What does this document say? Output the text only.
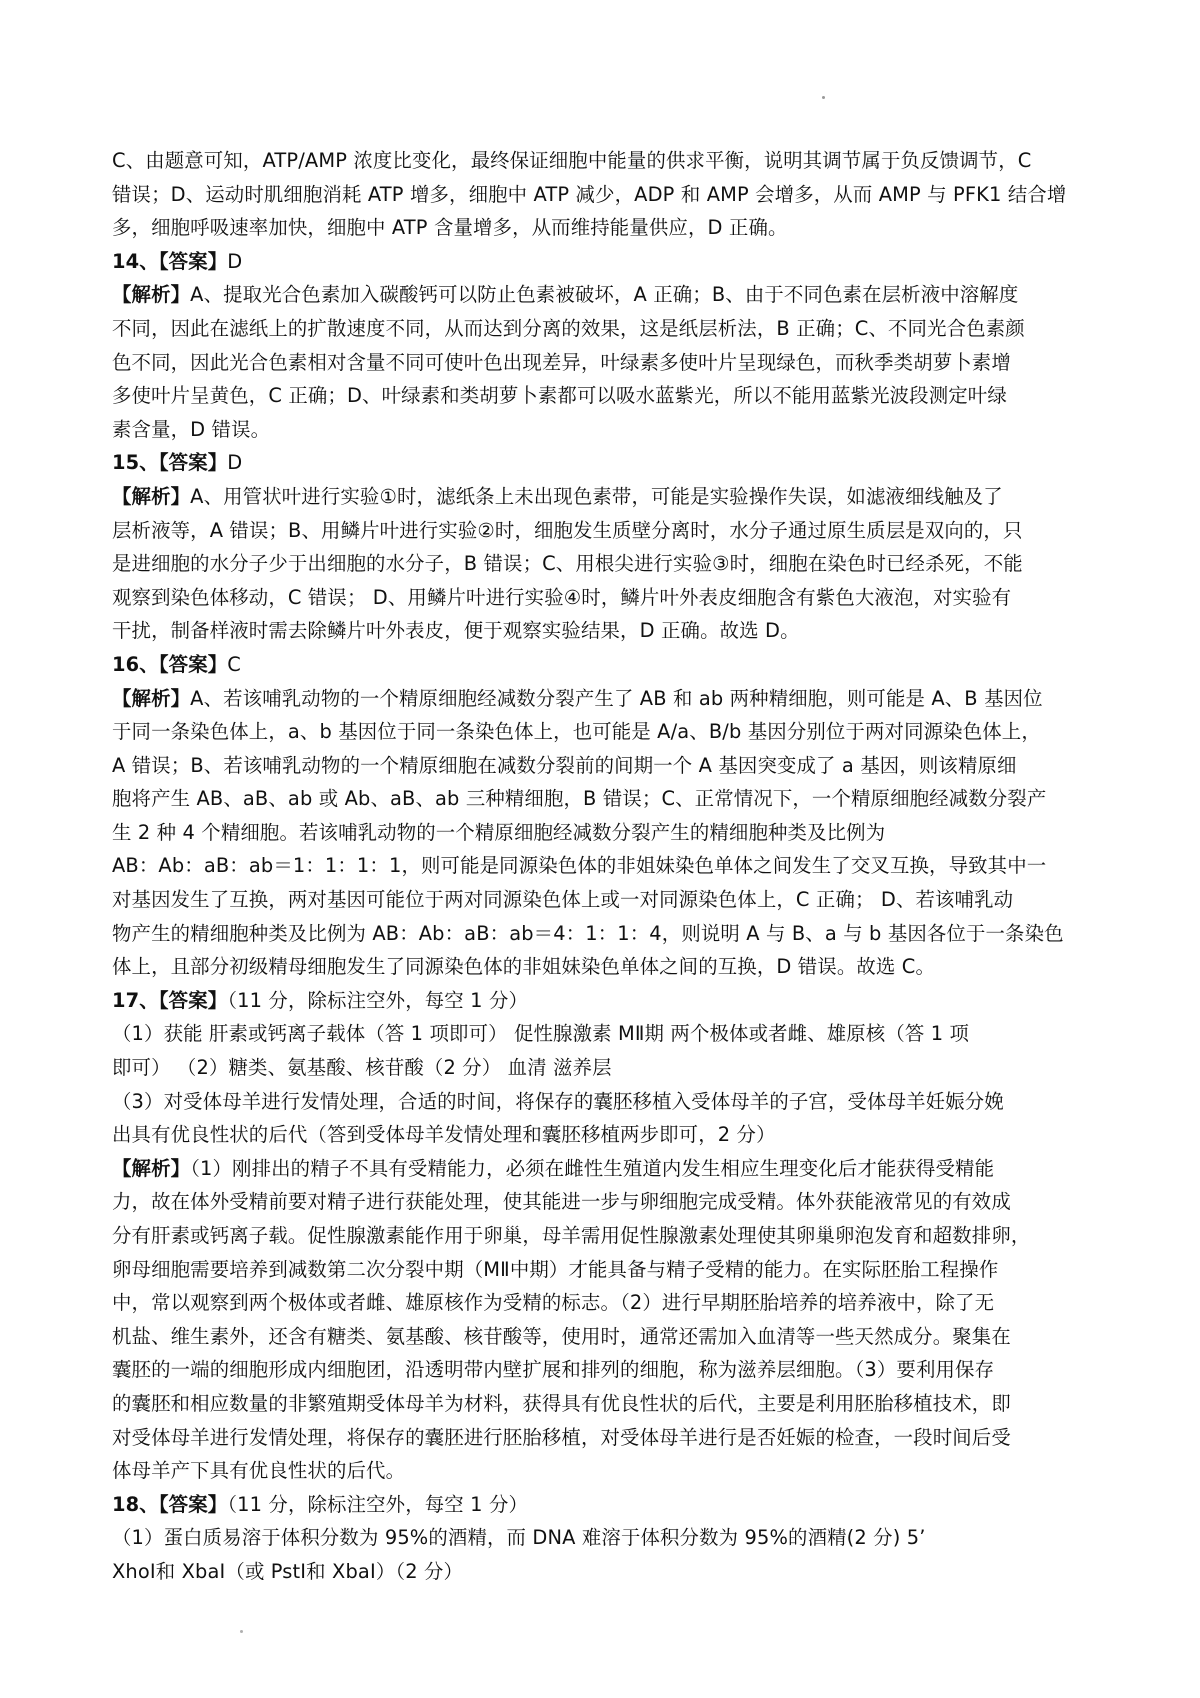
C、由题意可知，ATP/AMP 浓度比变化，最终保证细胞中能量的供求平衡，说明其调节属于负反馈调节，C
错误；D、运动时肌细胞消耗 ATP 增多，细胞中 ATP 减少，ADP 和 AMP 会增多，从而 AMP 与 PFK1 结合增
多，细胞呼吸速率加快，细胞中 ATP 含量增多，从而维持能量供应，D 正确。
14、【答案】D
【解析】A、提取光合色素加入碳酸钙可以防止色素被破坏，A 正确；B、由于不同色素在层析液中溶解度
不同，因此在滤纸上的扩散速度不同，从而达到分离的效果，这是纸层析法，B 正确；C、不同光合色素颜
色不同，因此光合色素相对含量不同可使叶色出现差异，叶绿素多使叶片呈现绿色，而秋季类胡萝卜素增
多使叶片呈黄色，C 正确；D、叶绿素和类胡萝卜素都可以吸水蓝紫光，所以不能用蓝紫光波段测定叶绿
素含量，D 错误。
15、【答案】D
【解析】A、用管状叶进行实验①时，滤纸条上未出现色素带，可能是实验操作失误，如滤液细线触及了
层析液等，A 错误；B、用鳞片叶进行实验②时，细胞发生质壁分离时，水分子通过原生质层是双向的，只
是进细胞的水分子少于出细胞的水分子，B 错误；C、用根尖进行实验③时，细胞在染色时已经杀死，不能
观察到染色体移动，C 错误； D、用鳞片叶进行实验④时，鳞片叶外表皮细胞含有紫色大液泡，对实验有
干扰，制备样液时需去除鳞片叶外表皮，便于观察实验结果，D 正确。故选 D。
16、【答案】C
【解析】A、若该哺乳动物的一个精原细胞经减数分裂产生了 AB 和 ab 两种精细胞，则可能是 A、B 基因位
于同一条染色体上，a、b 基因位于同一条染色体上，也可能是 A/a、B/b 基因分别位于两对同源染色体上，
A 错误；B、若该哺乳动物的一个精原细胞在减数分裂前的间期一个 A 基因突变成了 a 基因，则该精原细
胞将产生 AB、aB、ab 或 Ab、aB、ab 三种精细胞，B 错误；C、正常情况下，一个精原细胞经减数分裂产
生 2 种 4 个精细胞。若该哺乳动物的一个精原细胞经减数分裂产生的精细胞种类及比例为
AB：Ab：aB：ab＝1：1：1：1，则可能是同源染色体的非姐妹染色单体之间发生了交叉互换，导致其中一
对基因发生了互换，两对基因可能位于两对同源染色体上或一对同源染色体上，C 正确； D、若该哺乳动
物产生的精细胞种类及比例为 AB：Ab：aB：ab＝4：1：1：4，则说明 A 与 B、a 与 b 基因各位于一条染色
体上，且部分初级精母细胞发生了同源染色体的非姐妹染色单体之间的互换，D 错误。故选 C。
17、【答案】（11 分，除标注空外，每空 1 分）
（1）获能 肝素或钙离子载体（答 1 项即可） 促性腺激素 MⅡ期 两个极体或者雌、雄原核（答 1 项
即可） （2）糖类、氨基酸、核苷酸（2 分） 血清 滋养层
（3）对受体母羊进行发情处理，合适的时间，将保存的囊胚移植入受体母羊的子宫，受体母羊妊娠分娩
出具有优良性状的后代（答到受体母羊发情处理和囊胚移植两步即可，2 分）
【解析】（1）刚排出的精子不具有受精能力，必须在雌性生殖道内发生相应生理变化后才能获得受精能
力，故在体外受精前要对精子进行获能处理，使其能进一步与卵细胞完成受精。体外获能液常见的有效成
分有肝素或钙离子载。促性腺激素能作用于卵巢，母羊需用促性腺激素处理使其卵巢卵泡发育和超数排卵，
卵母细胞需要培养到减数第二次分裂中期（MⅡ中期）才能具备与精子受精的能力。在实际胚胎工程操作
中，常以观察到两个极体或者雌、雄原核作为受精的标志。（2）进行早期胚胎培养的培养液中，除了无
机盐、维生素外，还含有糖类、氨基酸、核苷酸等，使用时，通常还需加入血清等一些天然成分。聚集在
囊胚的一端的细胞形成内细胞团，沿透明带内壁扩展和排列的细胞，称为滋养层细胞。（3）要利用保存
的囊胚和相应数量的非繁殖期受体母羊为材料，获得具有优良性状的后代，主要是利用胚胎移植技术，即
对受体母羊进行发情处理，将保存的囊胚进行胚胎移植，对受体母羊进行是否妊娠的检查，一段时间后受
体母羊产下具有优良性状的后代。
18、【答案】（11 分，除标注空外，每空 1 分）
（1）蛋白质易溶于体积分数为 95%的酒精，而 DNA 难溶于体积分数为 95%的酒精(2 分) 5’
XhoⅠ和 XbaⅠ（或 PstⅠ和 XbaⅠ）（2 分）
